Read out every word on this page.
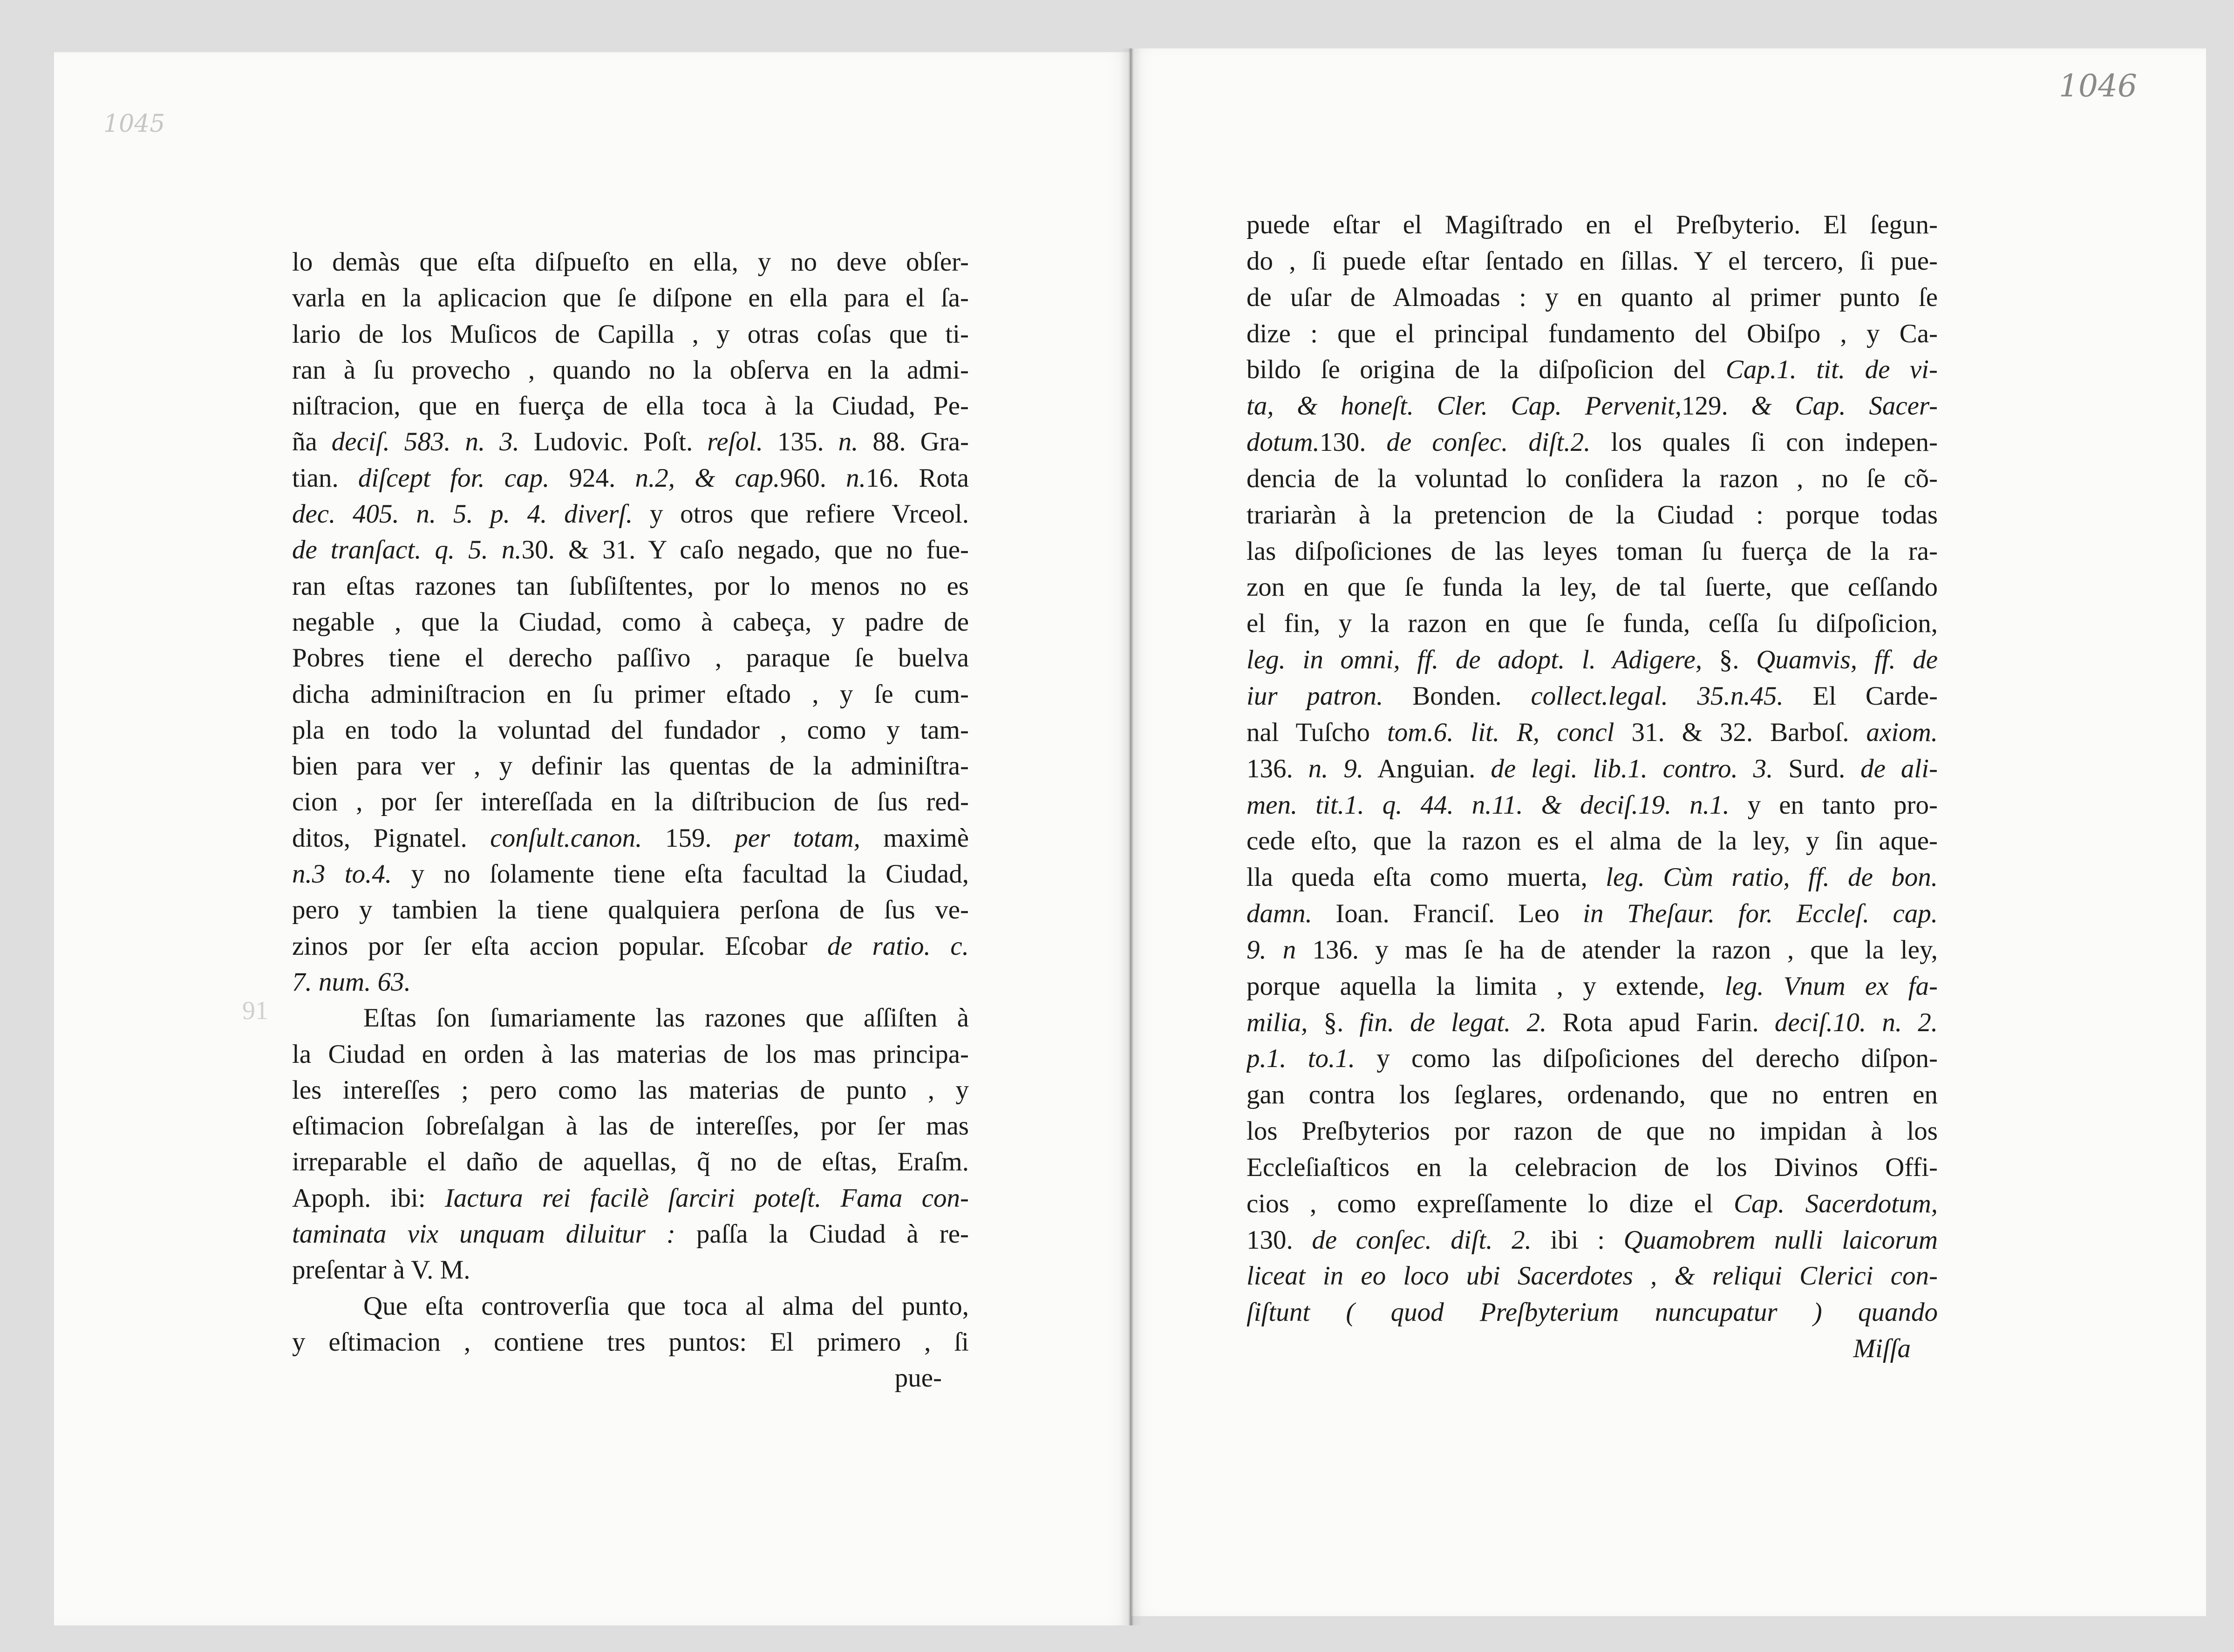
1045
1046
91
lo demàs que eſta diſpueſto en ella, y no deve obſer-
varla en la aplicacion que ſe diſpone en ella para el ſa-
lario de los Muſicos de Capilla , y otras coſas que ti-
ran à ſu provecho , quando no la obſerva en la admi-
niſtracion, que en fuerça de ella toca à la Ciudad, Pe-
ña deciſ. 583. n. 3. Ludovic. Poſt. reſol. 135. n. 88. Gra-
tian. diſcept for. cap. 924. n.2, & cap.960. n.16. Rota
dec. 405. n. 5. p. 4. diverſ. y otros que refiere Vrceol.
de tranſact. q. 5. n.30. & 31. Y caſo negado, que no fue-
ran eſtas razones tan ſubſiſtentes, por lo menos no es
negable , que la Ciudad, como à cabeça, y padre de
Pobres tiene el derecho paſſivo , paraque ſe buelva
dicha adminiſtracion en ſu primer eſtado , y ſe cum-
pla en todo la voluntad del fundador , como y tam-
bien para ver , y definir las quentas de la adminiſtra-
cion , por ſer intereſſada en la diſtribucion de ſus red-
ditos, Pignatel. conſult.canon. 159. per totam, maximè
n.3 to.4. y no ſolamente tiene eſta facultad la Ciudad,
pero y tambien la tiene qualquiera perſona de ſus ve-
zinos por ſer eſta accion popular. Eſcobar de ratio. c.
7. num. 63.
Eſtas ſon ſumariamente las razones que aſſiſten à
la Ciudad en orden à las materias de los mas principa-
les intereſſes ; pero como las materias de punto , y
eſtimacion ſobreſalgan à las de intereſſes, por ſer mas
irreparable el daño de aquellas, q̃ no de eſtas, Eraſm.
Apoph. ibi: Iactura rei facilè ſarciri poteſt. Fama con-
taminata vix unquam diluitur : paſſa la Ciudad à re-
preſentar à V. M.
Que eſta controverſia que toca al alma del punto,
y eſtimacion , contiene tres puntos: El primero , ſi
pue-
puede eſtar el Magiſtrado en el Preſbyterio. El ſegun-
do , ſi puede eſtar ſentado en ſillas. Y el tercero, ſi pue-
de uſar de Almoadas : y en quanto al primer punto ſe
dize : que el principal fundamento del Obiſpo , y Ca-
bildo ſe origina de la diſpoſicion del Cap.1. tit. de vi-
ta, & honeſt. Cler. Cap. Pervenit,129. & Cap. Sacer-
dotum.130. de conſec. diſt.2. los quales ſi con indepen-
dencia de la voluntad lo conſidera la razon , no ſe cõ-
trariaràn à la pretencion de la Ciudad : porque todas
las diſpoſiciones de las leyes toman ſu fuerça de la ra-
zon en que ſe funda la ley, de tal ſuerte, que ceſſando
el fin, y la razon en que ſe funda, ceſſa ſu diſpoſicion,
leg. in omni, ff. de adopt. l. Adigere, §. Quamvis, ff. de
iur patron. Bonden. collect.legal. 35.n.45. El Carde-
nal Tuſcho tom.6. lit. R, concl 31. & 32. Barboſ. axiom.
136. n. 9. Anguian. de legi. lib.1. contro. 3. Surd. de ali-
men. tit.1. q. 44. n.11. & deciſ.19. n.1. y en tanto pro-
cede eſto, que la razon es el alma de la ley, y ſin aque-
lla queda eſta como muerta, leg. Cùm ratio, ff. de bon.
damn. Ioan. Franciſ. Leo in Theſaur. for. Eccleſ. cap.
9. n 136. y mas ſe ha de atender la razon , que la ley,
porque aquella la limita , y extende, leg. Vnum ex fa-
milia, §. fin. de legat. 2. Rota apud Farin. deciſ.10. n. 2.
p.1. to.1. y como las diſpoſiciones del derecho diſpon-
gan contra los ſeglares, ordenando, que no entren en
los Preſbyterios por razon de que no impidan à los
Eccleſiaſticos en la celebracion de los Divinos Offi-
cios , como expreſſamente lo dize el Cap. Sacerdotum,
130. de conſec. diſt. 2. ibi : Quamobrem nulli laicorum
liceat in eo loco ubi Sacerdotes , & reliqui Clerici con-
ſiſtunt ( quod Preſbyterium nuncupatur ) quando
Miſſa
